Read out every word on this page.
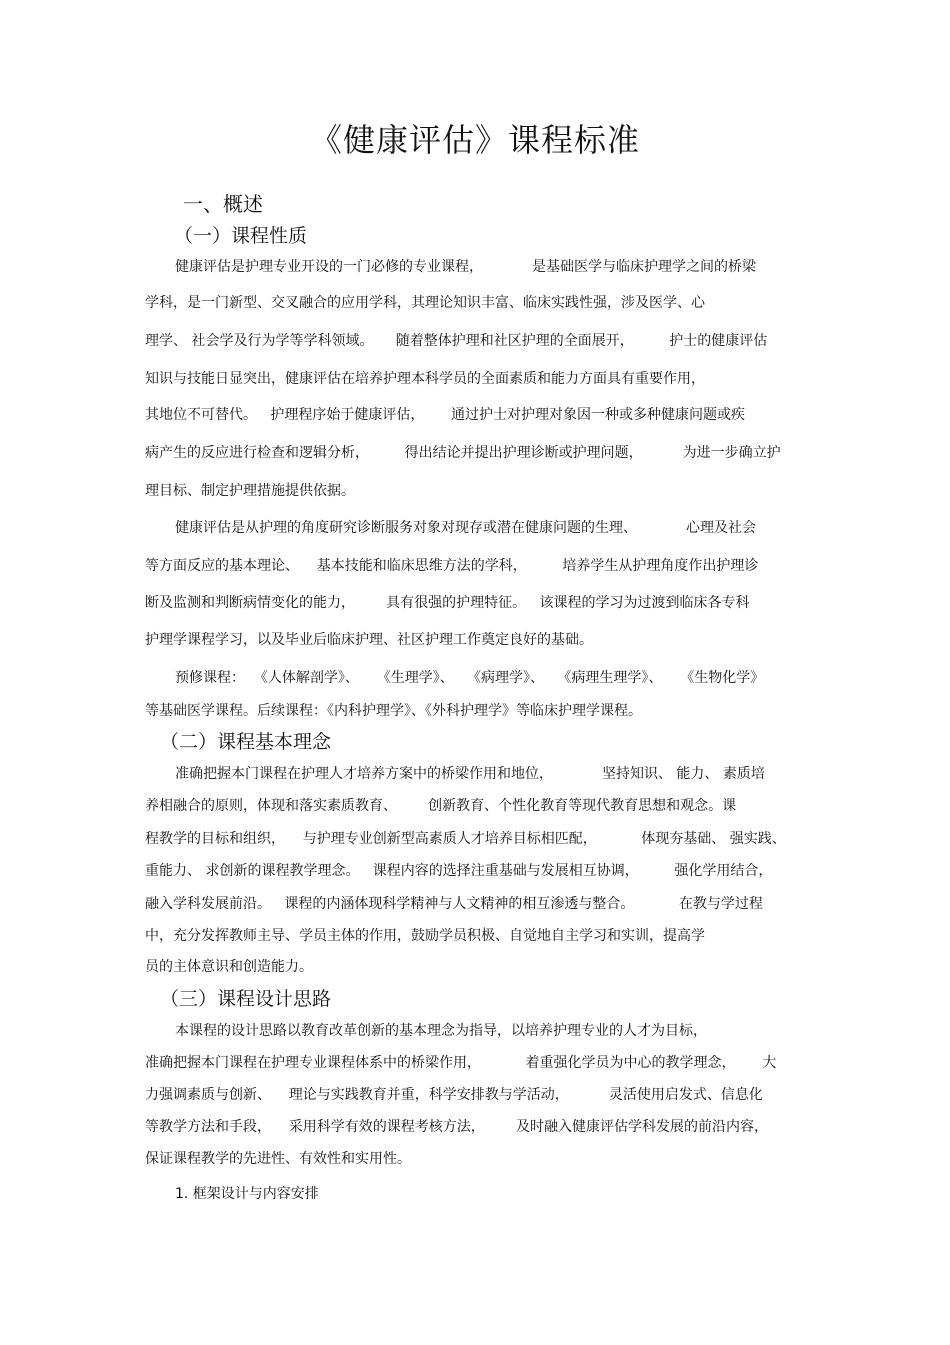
《健康评估》课程标准
一、概述
（一）课程性质
健康评估是护理专业开设的一门必修的专业课程，           是基础医学与临床护理学之间的桥梁
学科，是一门新型、交叉融合的应用学科，其理论知识丰富、临床实践性强，涉及医学、心
理学、 社会学及行为学等学科领域。     随着整体护理和社区护理的全面展开，        护士的健康评估
知识与技能日显突出，健康评估在培养护理本科学员的全面素质和能力方面具有重要作用，
其地位不可替代。   护理程序始于健康评估，      通过护士对护理对象因一种或多种健康问题或疾
病产生的反应进行检查和逻辑分析，        得出结论并提出护理诊断或护理问题，         为进一步确立护
理目标、制定护理措施提供依据。
健康评估是从护理的角度研究诊断服务对象对现存或潜在健康问题的生理、           心理及社会
等方面反应的基本理论、    基本技能和临床思维方法的学科，        培养学生从护理角度作出护理诊
断及监测和判断病情变化的能力，       具有很强的护理特征。   该课程的学习为过渡到临床各专科
护理学课程学习，以及毕业后临床护理、社区护理工作奠定良好的基础。
预修课程：  《人体解剖学》、    《生理学》、   《病理学》、   《病理生理学》、    《生物化学》
等基础医学课程。后续课程：《内科护理学》、《外科护理学》等临床护理学课程。
（二）课程基本理念
准确把握本门课程在护理人才培养方案中的桥梁作用和地位，           坚持知识、 能力、 素质培
养相融合的原则，体现和落实素质教育、       创新教育、个性化教育等现代教育思想和观念。课
程教学的目标和组织，    与护理专业创新型高素质人才培养目标相匹配，          体现夯基础、 强实践、
重能力、 求创新的课程教学理念。   课程内容的选择注重基础与发展相互协调，        强化学用结合，
融入学科发展前沿。   课程的内涵体现科学精神与人文精神的相互渗透与整合。          在教与学过程
中，充分发挥教师主导、学员主体的作用，鼓励学员积极、自觉地自主学习和实训，提高学
员的主体意识和创造能力。
（三）课程设计思路
本课程的设计思路以教育改革创新的基本理念为指导，以培养护理专业的人才为目标，
准确把握本门课程在护理专业课程体系中的桥梁作用，          着重强化学员为中心的教学理念，      大
力强调素质与创新、    理论与实践教育并重，科学安排教与学活动，         灵活使用启发式、信息化
等教学方法和手段，    采用科学有效的课程考核方法，       及时融入健康评估学科发展的前沿内容，
保证课程教学的先进性、有效性和实用性。
1. 框架设计与内容安排
